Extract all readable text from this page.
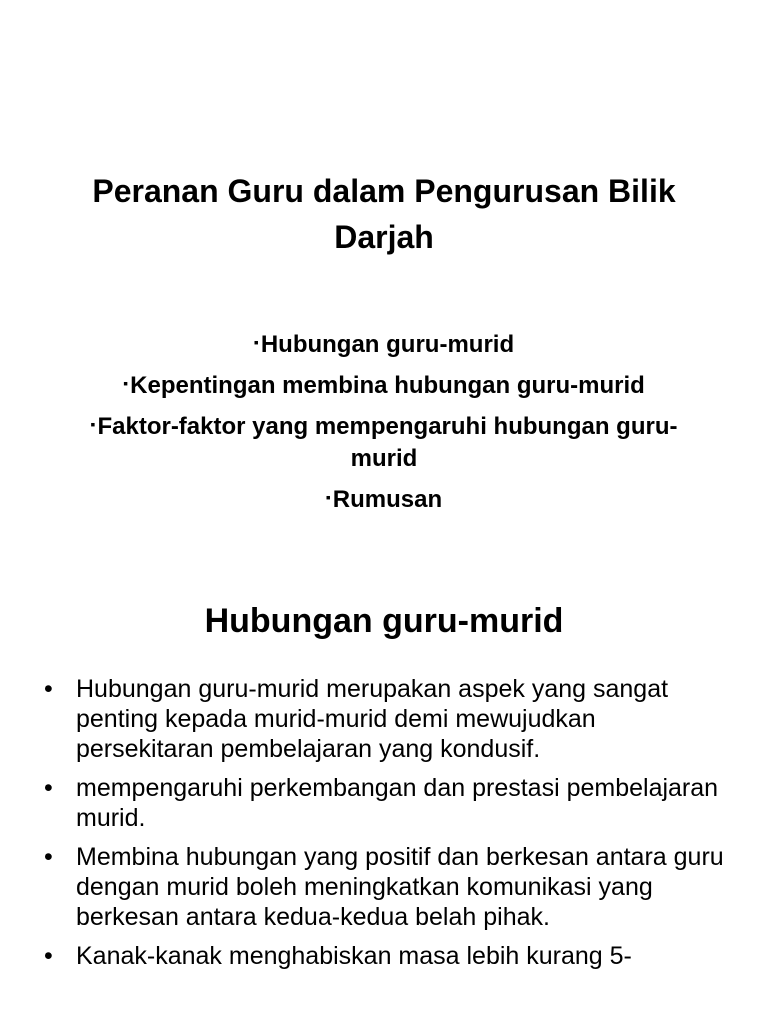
Peranan Guru dalam Pengurusan Bilik Darjah
▪Hubungan guru-murid
▪Kepentingan membina hubungan guru-murid
▪Faktor-faktor yang mempengaruhi hubungan guru-murid
▪Rumusan
Hubungan guru-murid
• Hubungan guru-murid merupakan aspek yang sangat penting kepada murid-murid demi mewujudkan persekitaran pembelajaran yang kondusif.
• mempengaruhi perkembangan dan prestasi pembelajaran murid.
• Membina hubungan yang positif dan berkesan antara guru dengan murid boleh meningkatkan komunikasi yang berkesan antara kedua-kedua belah pihak.
• Kanak-kanak menghabiskan masa lebih kurang 5-
